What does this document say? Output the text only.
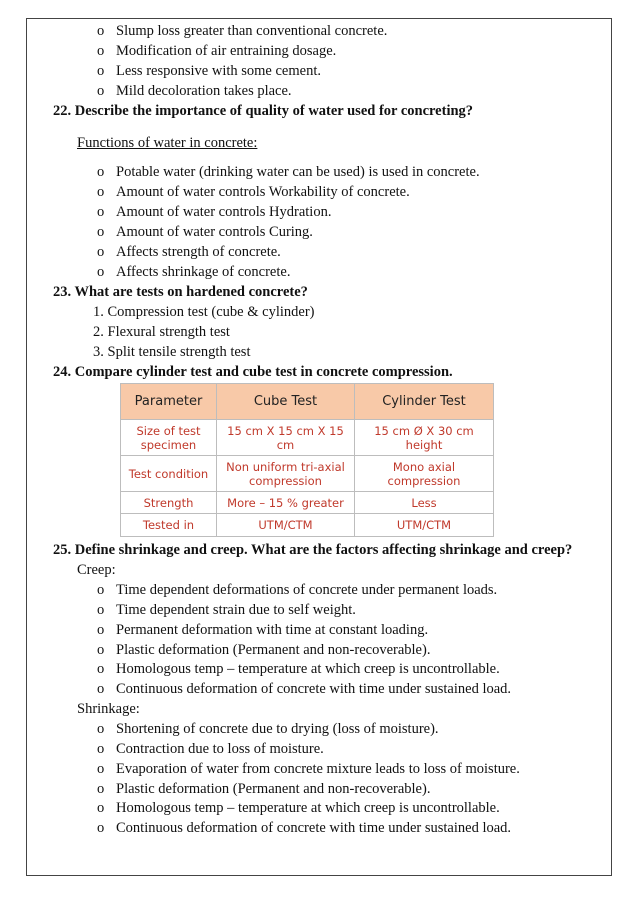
o Slump loss greater than conventional concrete.
o Modification of air entraining dosage.
o Less responsive with some cement.
o Mild decoloration takes place.
22. Describe the importance of quality of water used for concreting?
Functions of water in concrete:
o Potable water (drinking water can be used) is used in concrete.
o Amount of water controls Workability of concrete.
o Amount of water controls Hydration.
o Amount of water controls Curing.
o Affects strength of concrete.
o Affects shrinkage of concrete.
23. What are tests on hardened concrete?
1. Compression test (cube & cylinder)
2. Flexural strength test
3. Split tensile strength test
24. Compare cylinder test and cube test in concrete compression.
Parameter	Cube Test	Cylinder Test
Size of test specimen	15 cm X 15 cm X 15 cm	15 cm Ø X 30 cm height
Test condition	Non uniform tri-axial compression	Mono axial compression
Strength	More – 15 % greater	Less
Tested in	UTM/CTM	UTM/CTM
25. Define shrinkage and creep. What are the factors affecting shrinkage and creep?
Creep:
o Time dependent deformations of concrete under permanent loads.
o Time dependent strain due to self weight.
o Permanent deformation with time at constant loading.
o Plastic deformation (Permanent and non-recoverable).
o Homologous temp – temperature at which creep is uncontrollable.
o Continuous deformation of concrete with time under sustained load.
Shrinkage:
o Shortening of concrete due to drying (loss of moisture).
o Contraction due to loss of moisture.
o Evaporation of water from concrete mixture leads to loss of moisture.
o Plastic deformation (Permanent and non-recoverable).
o Homologous temp – temperature at which creep is uncontrollable.
o Continuous deformation of concrete with time under sustained load.
